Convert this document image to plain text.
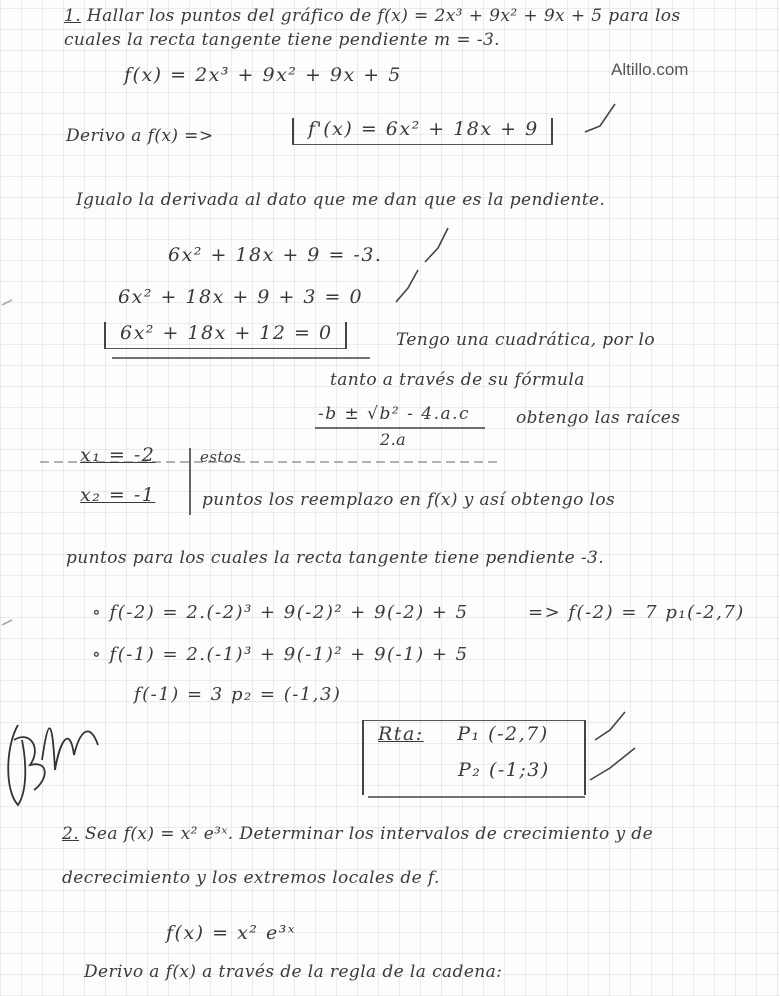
Altillo.com
1. Hallar los puntos del gráfico de f(x) = 2x³ + 9x² + 9x + 5 para los
cuales la recta tangente tiene pendiente m = -3.
f(x) = 2x³ + 9x² + 9x + 5
Derivo a f(x) =>	f'(x) = 6x² + 18x + 9
Igualo la derivada al dato que me dan que es la pendiente.
6x² + 18x + 9 = -3.
6x² + 18x + 9 + 3 = 0
6x² + 18x + 12 = 0	Tengo una cuadrática, por lo
tanto a través de su fórmula
-b ± √b² - 4.a.c
2.a
obtengo las raíces
x₁ = -2	estos
x₂ = -1	puntos los reemplazo en f(x) y así obtengo los
puntos para los cuales la recta tangente tiene pendiente -3.
∘ f(-2) = 2.(-2)³ + 9(-2)² + 9(-2) + 5	=> f(-2) = 7 p₁(-2,7)
∘ f(-1) = 2.(-1)³ + 9(-1)² + 9(-1) + 5
f(-1) = 3 p₂ = (-1,3)
Rta: P₁ (-2,7)
P₂ (-1;3)
2. Sea f(x) = x² e³ˣ. Determinar los intervalos de crecimiento y de
decrecimiento y los extremos locales de f.
f(x) = x² e³ˣ
Derivo a f(x) a través de la regla de la cadena:
